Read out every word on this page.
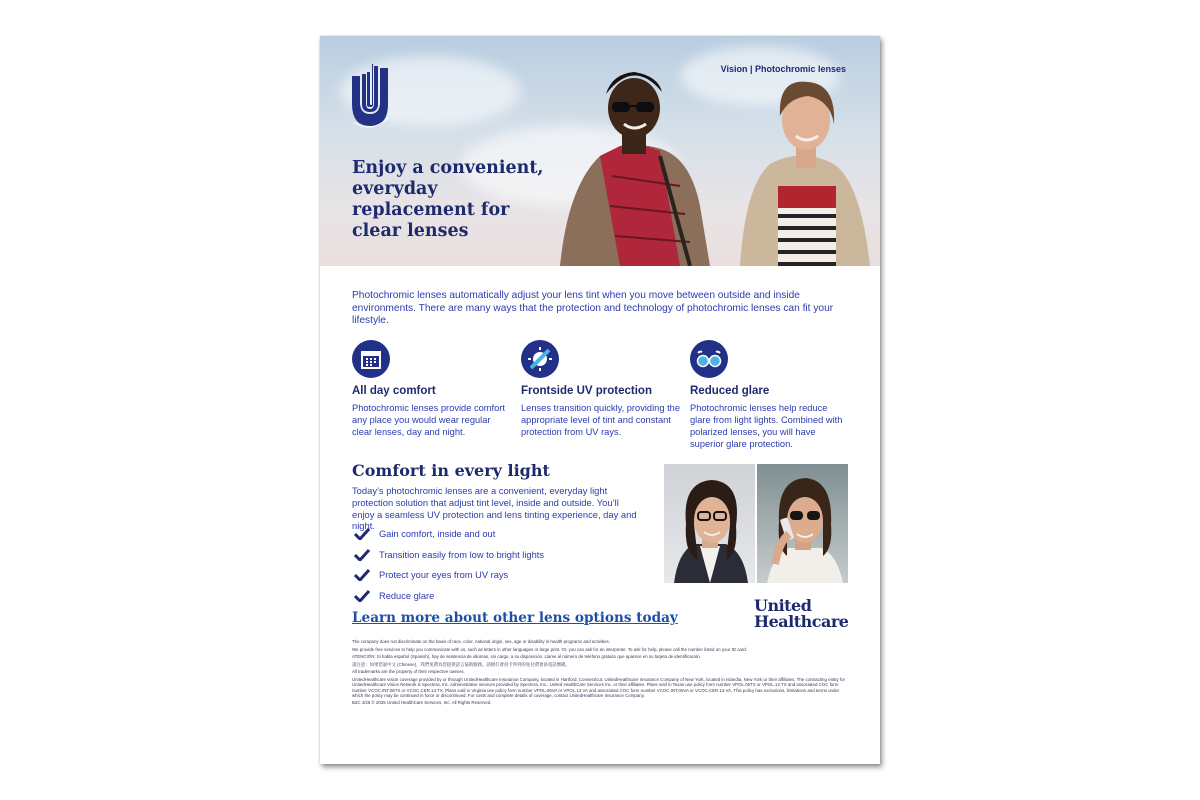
Vision | Photochromic lenses
Enjoy a convenient, everyday replacement for clear lenses
Photochromic lenses automatically adjust your lens tint when you move between outside and inside environments. There are many ways that the protection and technology of photochromic lenses can fit your lifestyle.
All day comfort
Photochromic lenses provide comfort any place you would wear regular clear lenses, day and night.
Frontside UV protection
Lenses transition quickly, providing the appropriate level of tint and constant protection from UV rays.
Reduced glare
Photochromic lenses help reduce glare from light lights. Combined with polarized lenses, you will have superior glare protection.
Comfort in every light
Today’s photochromic lenses are a convenient, everyday light protection solution that adjust tint level, inside and outside. You’ll enjoy a seamless UV protection and lens tinting experience, day and night.
Gain comfort, inside and out
Transition easily from low to bright lights
Protect your eyes from UV rays
Reduce glare
Learn more about other lens options today
United
Healthcare

The company does not discriminate on the basis of race, color, national origin, sex, age or disability in health programs and activities.

We provide free services to help you communicate with us, such as letters in other languages or large print. Or, you can ask for an interpreter. To ask for help, please call the number listed on your ID card.

ATENCIÓN: Si habla español (Spanish), hay de asistencia de idiomas, sin cargo, a su disposición. Llame al número de teléfono gratuito que aparece en su tarjeta de identificación.

請注意：如果您說中文 (Chinese)，我們免費為您提供語言協助服務。請撥打會員卡所列的免付費會員電話號碼。

All trademarks are the property of their respective owners.

UnitedHealthcare vision coverage provided by or through UnitedHealthcare Insurance Company, located in Hartford, Connecticut, UnitedHealthcare Insurance Company of New York, located in Islandia, New York or their affiliates. The contracting entity for UnitedHealthcare Vision Network is Spectera, Inc. Administrative services provided by Spectera, Inc., United HealthCare Services Inc. or their affiliates. Plans sold in Texas use policy form number VPOL.06TX or VPOL.13.TX and associated COC form number VCOC.INT.06TX or VCOC.CER.13.TX. Plans sold in Virginia use policy form number VPOL.06VA or VPOL.13.VA and associated COC form number VCOC.INT.06VA or VCOC.CER.13.VA. This policy has exclusions, limitations and terms under which the policy may be continued in force or discontinued. For costs and complete details of coverage, contact UnitedHealthcare Insurance Company.

B2C 4/25 © 2025 United HealthCare Services, Inc. All Rights Reserved.
